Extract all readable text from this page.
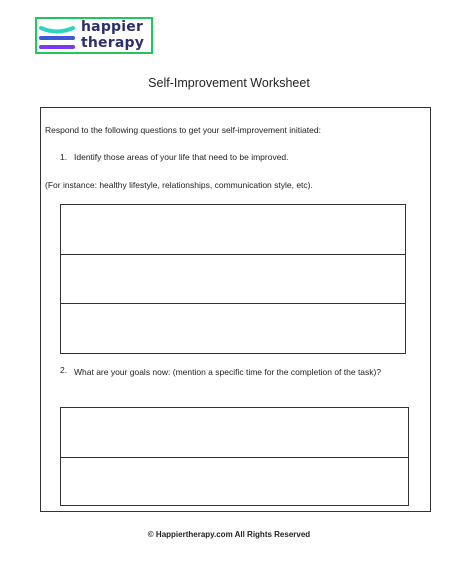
happier
therapy
Self-Improvement Worksheet
Respond to the following questions to get your self-improvement initiated:
1. Identify those areas of your life that need to be improved.
(For instance: healthy lifestyle, relationships, communication style, etc).
2. What are your goals now: (mention a specific time for the completion of the task)?
© Happiertherapy.com All Rights Reserved
